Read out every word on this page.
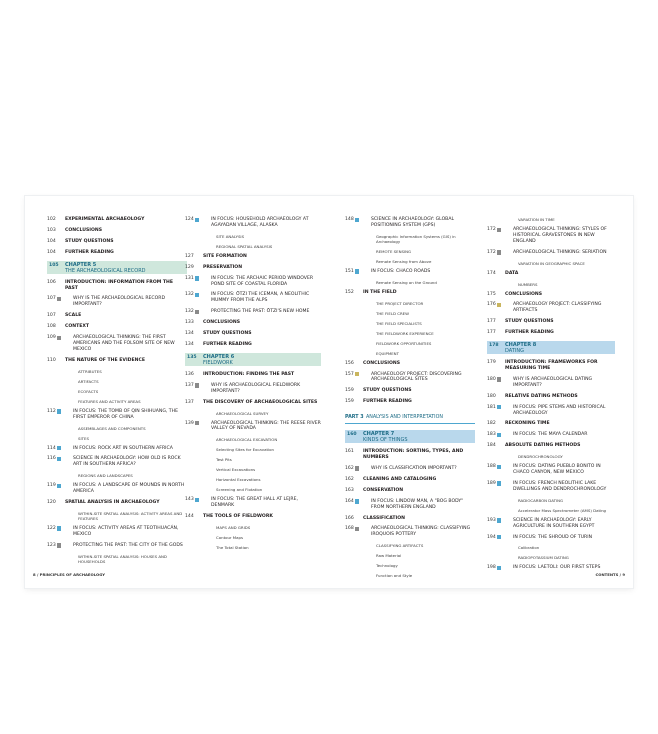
102 EXPERIMENTAL ARCHAEOLOGY
103 CONCLUSIONS
104 STUDY QUESTIONS
104 FURTHER READING
105 CHAPTER 5
THE ARCHAEOLOGICAL RECORD
106 INTRODUCTION: INFORMATION FROM THE PAST
107	WHY IS THE ARCHAEOLOGICAL RECORD IMPORTANT?
107 SCALE
108 CONTEXT
109	ARCHAEOLOGICAL THINKING: THE FIRST AMERICANS AND THE FOLSOM SITE OF NEW MEXICO
110 THE NATURE OF THE EVIDENCE
ATTRIBUTES
ARTIFACTS
ECOFACTS
FEATURES AND ACTIVITY AREAS
112	IN FOCUS: THE TOMB OF QIN SHIHUANG, THE FIRST EMPEROR OF CHINA
ASSEMBLAGES AND COMPONENTS
SITES
114	IN FOCUS: ROCK ART IN SOUTHERN AFRICA
116	SCIENCE IN ARCHAEOLOGY: HOW OLD IS ROCK ART IN SOUTHERN AFRICA?
REGIONS AND LANDSCAPES
119	IN FOCUS: A LANDSCAPE OF MOUNDS IN NORTH AMERICA
120 SPATIAL ANALYSIS IN ARCHAEOLOGY
WITHIN-SITE SPATIAL ANALYSIS: ACTIVITY AREAS AND FEATURES
122	IN FOCUS: ACTIVITY AREAS AT TEOTIHUACÁN, MEXICO
123	PROTECTING THE PAST: THE CITY OF THE GODS
WITHIN-SITE SPATIAL ANALYSIS: HOUSES AND HOUSEHOLDS
124	IN FOCUS: HOUSEHOLD ARCHAEOLOGY AT AGAYADAN VILLAGE, ALASKA
SITE ANALYSIS
REGIONAL SPATIAL ANALYSIS
127 SITE FORMATION
129 PRESERVATION
131	IN FOCUS: THE ARCHAIC PERIOD WINDOVER POND SITE OF COASTAL FLORIDA
132	IN FOCUS: ÖTZI THE ICEMAN, A NEOLITHIC MUMMY FROM THE ALPS
132	PROTECTING THE PAST: ÖTZI'S NEW HOME
133 CONCLUSIONS
134 STUDY QUESTIONS
134 FURTHER READING
135 CHAPTER 6
FIELDWORK
136 INTRODUCTION: FINDING THE PAST
137	WHY IS ARCHAEOLOGICAL FIELDWORK IMPORTANT?
137 THE DISCOVERY OF ARCHAEOLOGICAL SITES
ARCHAEOLOGICAL SURVEY
139	ARCHAEOLOGICAL THINKING: THE REESE RIVER VALLEY OF NEVADA
ARCHAEOLOGICAL EXCAVATION
Selecting Sites for Excavation
Test Pits
Vertical Excavations
Horizontal Excavations
Screening and Flotation
143	IN FOCUS: THE GREAT HALL AT LEJRE, DENMARK
144 THE TOOLS OF FIELDWORK
MAPS AND GRIDS
Contour Maps
The Total Station
148	SCIENCE IN ARCHAEOLOGY: GLOBAL POSITIONING SYSTEM (GPS)
Geographic Information Systems (GIS) in Archaeology
REMOTE SENSING
Remote Sensing from Above
151	IN FOCUS: CHACO ROADS
Remote Sensing on the Ground
152 IN THE FIELD
THE PROJECT DIRECTOR
THE FIELD CREW
THE FIELD SPECIALISTS
THE FIELDWORK EXPERIENCE
FIELDWORK OPPORTUNITIES
EQUIPMENT
156 CONCLUSIONS
157	ARCHAEOLOGY PROJECT: DISCOVERING ARCHAEOLOGICAL SITES
159 STUDY QUESTIONS
159 FURTHER READING
PART 3 ANALYSIS AND INTERPRETATION
160 CHAPTER 7
KINDS OF THINGS
161 INTRODUCTION: SORTING, TYPES, AND NUMBERS
162	WHY IS CLASSIFICATION IMPORTANT?
162 CLEANING AND CATALOGING
163 CONSERVATION
164	IN FOCUS: LINDOW MAN, A "BOG BODY" FROM NORTHERN ENGLAND
166 CLASSIFICATION
168	ARCHAEOLOGICAL THINKING: CLASSIFYING IROQUOIS POTTERY
CLASSIFYING ARTIFACTS
Raw Material
Technology
Function and Style
VARIATION IN TIME
172	ARCHAEOLOGICAL THINKING: STYLES OF HISTORICAL GRAVESTONES IN NEW ENGLAND
172	ARCHAEOLOGICAL THINKING: SERIATION
VARIATION IN GEOGRAPHIC SPACE
174 DATA
NUMBERS
175 CONCLUSIONS
176	ARCHAEOLOGY PROJECT: CLASSIFYING ARTIFACTS
177 STUDY QUESTIONS
177 FURTHER READING
178 CHAPTER 8
DATING
179 INTRODUCTION: FRAMEWORKS FOR MEASURING TIME
180	WHY IS ARCHAEOLOGICAL DATING IMPORTANT?
180 RELATIVE DATING METHODS
181	IN FOCUS: PIPE STEMS AND HISTORICAL ARCHAEOLOGY
182 RECKONING TIME
183	IN FOCUS: THE MAYA CALENDAR
184 ABSOLUTE DATING METHODS
DENDROCHRONOLOGY
188	IN FOCUS: DATING PUEBLO BONITO IN CHACO CANYON, NEW MEXICO
189	IN FOCUS: FRENCH NEOLITHIC LAKE DWELLINGS AND DENDROCHRONOLOGY
RADIOCARBON DATING
Accelerator Mass Spectrometer (AMS) Dating
193	SCIENCE IN ARCHAEOLOGY: EARLY AGRICULTURE IN SOUTHERN EGYPT
194	IN FOCUS: THE SHROUD OF TURIN
Calibration
RADIOPOTASSIUM DATING
198	IN FOCUS: LAETOLI: OUR FIRST STEPS
8 / PRINCIPLES OF ARCHAEOLOGY	CONTENTS / 9
